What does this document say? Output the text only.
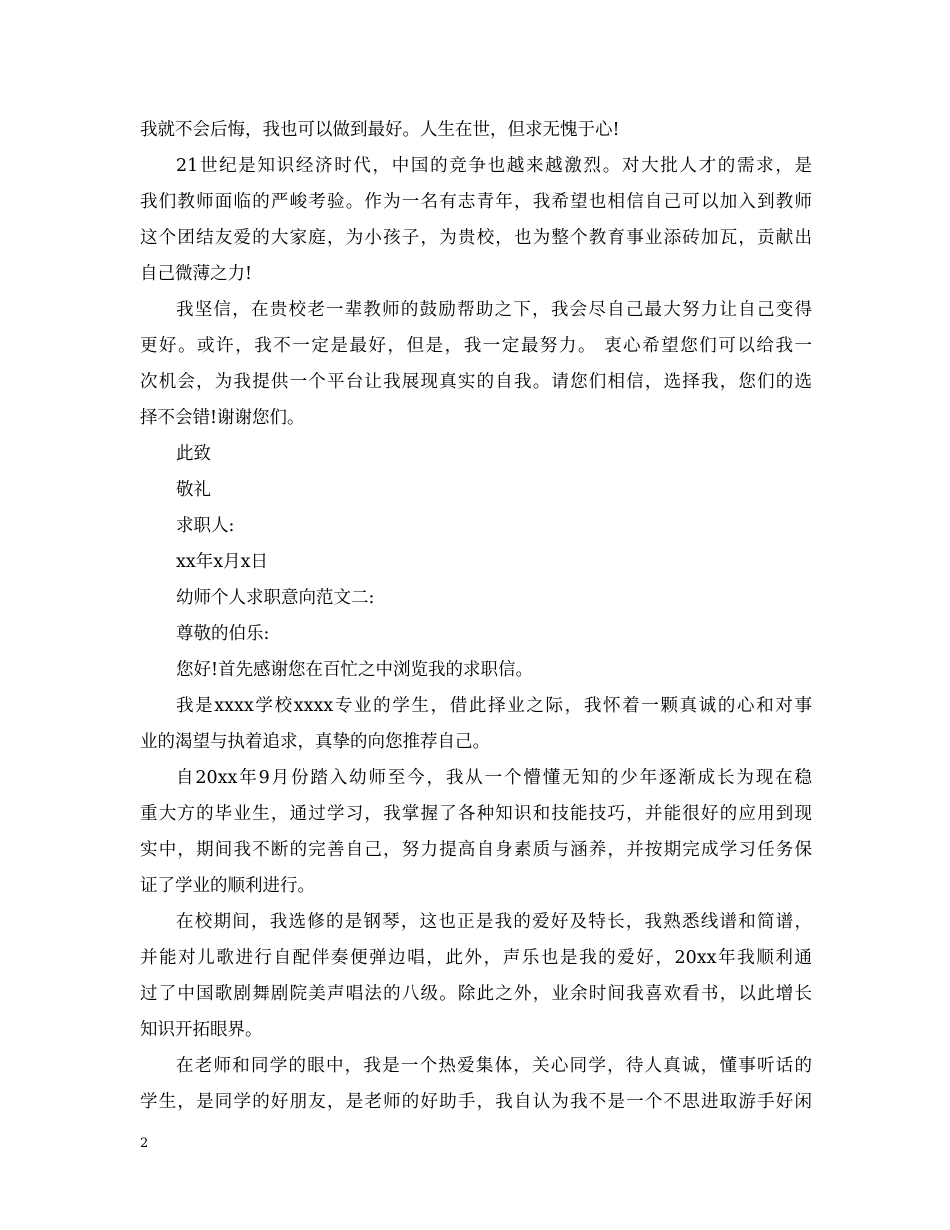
我就不会后悔，我也可以做到最好。人生在世，但求无愧于心!
21世纪是知识经济时代，中国的竞争也越来越激烈。对大批人才的需求，是
我们教师面临的严峻考验。作为一名有志青年，我希望也相信自己可以加入到教师
这个团结友爱的大家庭，为小孩子，为贵校，也为整个教育事业添砖加瓦，贡献出
自己微薄之力!
我坚信，在贵校老一辈教师的鼓励帮助之下，我会尽自己最大努力让自己变得
更好。或许，我不一定是最好，但是，我一定最努力。 衷心希望您们可以给我一
次机会，为我提供一个平台让我展现真实的自我。请您们相信，选择我，您们的选
择不会错!谢谢您们。
此致
敬礼
求职人:
xx年x月x日
幼师个人求职意向范文二:
尊敬的伯乐:
您好!首先感谢您在百忙之中浏览我的求职信。
我是xxxx学校xxxx专业的学生，借此择业之际，我怀着一颗真诚的心和对事
业的渴望与执着追求，真挚的向您推荐自己。
自20xx年9月份踏入幼师至今，我从一个懵懂无知的少年逐渐成长为现在稳
重大方的毕业生，通过学习，我掌握了各种知识和技能技巧，并能很好的应用到现
实中，期间我不断的完善自己，努力提高自身素质与涵养，并按期完成学习任务保
证了学业的顺利进行。
在校期间，我选修的是钢琴，这也正是我的爱好及特长，我熟悉线谱和简谱，
并能对儿歌进行自配伴奏便弹边唱，此外，声乐也是我的爱好，20xx年我顺利通
过了中国歌剧舞剧院美声唱法的八级。除此之外，业余时间我喜欢看书，以此增长
知识开拓眼界。
在老师和同学的眼中，我是一个热爱集体，关心同学，待人真诚，懂事听话的
学生，是同学的好朋友，是老师的好助手，我自认为我不是一个不思进取游手好闲
2
